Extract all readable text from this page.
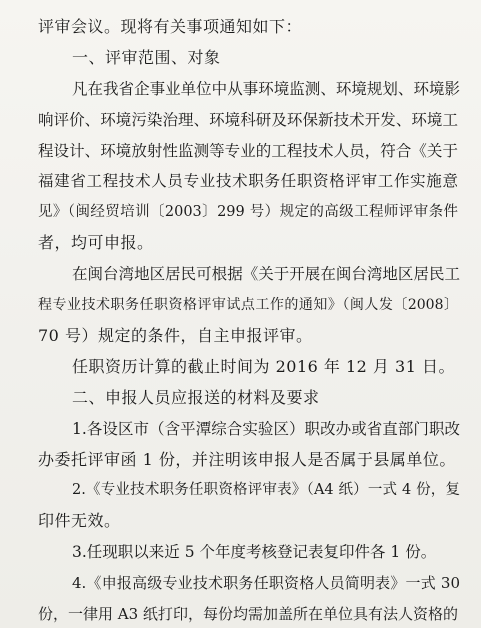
评审会议。现将有关事项通知如下：
一、评审范围、对象
凡在我省企事业单位中从事环境监测、环境规划、环境影
响评价、环境污染治理、环境科研及环保新技术开发、环境工
程设计、环境放射性监测等专业的工程技术人员，符合《关于
福建省工程技术人员专业技术职务任职资格评审工作实施意
见》（闽经贸培训〔2003〕299 号）规定的高级工程师评审条件
者，均可申报。
在闽台湾地区居民可根据《关于开展在闽台湾地区居民工
程专业技术职务任职资格评审试点工作的通知》（闽人发〔2008〕
70 号）规定的条件，自主申报评审。
任职资历计算的截止时间为 2016 年 12 月 31 日。
二、申报人员应报送的材料及要求
1.各设区市（含平潭综合实验区）职改办或省直部门职改
办委托评审函 1 份，并注明该申报人是否属于县属单位。
2.《专业技术职务任职资格评审表》（A4 纸）一式 4 份，复
印件无效。
3.任现职以来近 5 个年度考核登记表复印件各 1 份。
4.《申报高级专业技术职务任职资格人员简明表》一式 30
份，一律用 A3 纸打印，每份均需加盖所在单位具有法人资格的
